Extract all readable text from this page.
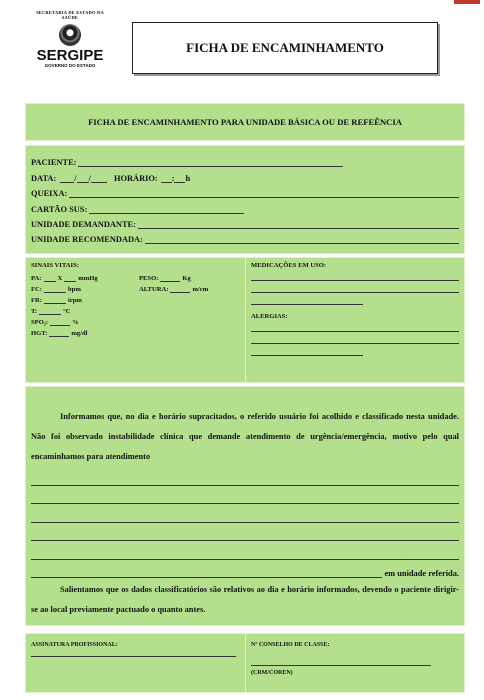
SECRETARIA DE ESTADO DA SAÚDE
SERGIPE
GOVERNO DO ESTADO
FICHA DE ENCAMINHAMENTO
FICHA DE ENCAMINHAMENTO PARA UNIDADE BÁSICA OU DE REFEÊNCIA
PACIENTE:
DATA: / /	HORÁRIO: : h
QUEIXA:
CARTÃO SUS:
UNIDADE DEMANDANTE:
UNIDADE RECOMENDADA:
SINAIS VITAIS:
PA: X mmHg	PESO:	Kg
FC:	bpm	ALTURA:	m/cm
FR:	irpm
T:	°C
SPO₂:	%
HGT:	mg/dl
MEDICAÇÕES EM USO:
ALERGIAS:
Informamos que, no dia e horário supracitados, o referido usuário foi acolhido e classificado nesta unidade. Não foi observado instabilidade clínica que demande atendimento de urgência/emergência, motivo pelo qual encaminhamos para atendimento
em unidade referida.
Salientamos que os dados classificatórios são relativos ao dia e horário informados, devendo o paciente dirigir-se ao local previamente pactuado o quanto antes.
ASSINATURA PROFISSIONAL:	Nº CONSELHO DE CLASSE:
(CRM/COREN)
